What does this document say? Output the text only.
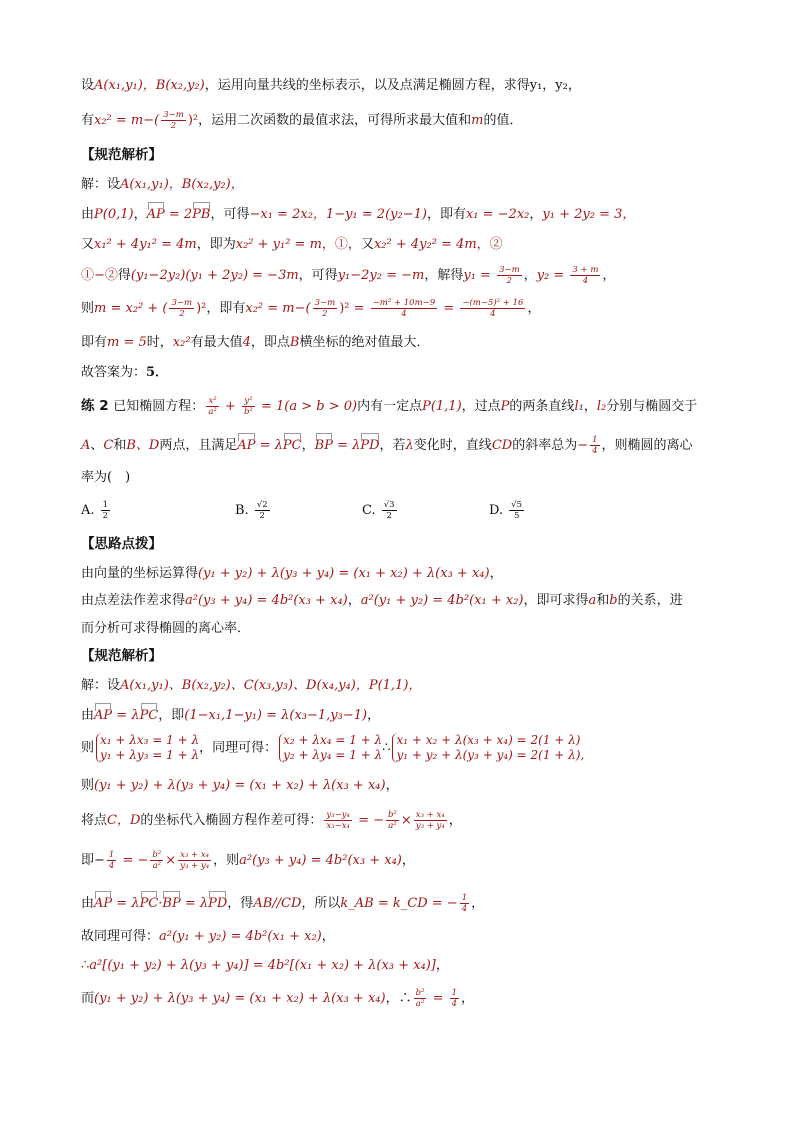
设A(x₁,y₁)，B(x₂,y₂)，运用向量共线的坐标表示，以及点满足椭圆方程，求得y₁，y₂，
有$x_2^2 = m-( \frac{3-m}{2} )^2$，运用二次函数的最值求法，可得所求最大值和m的值．
【规范解析】
解：设A(x₁,y₁)，B(x₂,y₂)，
由P(0,1)，AP = 2PB，可得−x₁ = 2x₂，1−y₁ = 2(y₂−1)，即有x₁ = −2x₂，y₁ + 2y₂ = 3，
又x₁² + 4y₁² = 4m，即为x₂² + y₁² = m，①，又x₂² + 4y₂² = 4m，②
①−②得(y₁−2y₂)(y₁ + 2y₂) = −3m，可得y₁−2y₂ = −m，解得$y_1 = \frac{3-m}{2}$ ，$y_2 = \frac{3 + m}{4}$ ，
则m = x₂² + ( $\frac{3-m}{2} )^2$，即有$x_2^2 = m-( \frac{3-m}{2} )^2 = \frac{\text{−m² + 10m−9}}{4} = \frac{\text{−(m−5)² + 16}}{4}$ ，
即有m = 5时，x₂²有最大值4，即点B横坐标的绝对值最大．
故答案为：5．
练 2 已知椭圆方程： $\frac{\text{x²}}{\text{a²}} + \frac{\text{y²}}{\text{b²}} = 1(a > b > 0)$内有一定点P(1,1)，过点P的两条直线l₁，l₂分别与椭圆交于
A、C和B、D两点，且满足AP = λPC，BP = λPD，若λ变化时，直线CD的斜率总为− $\frac{1}{4}$ ，则椭圆的离心
率为(　)
A. $\frac{1}{2}$	B. $\frac{√2}{2}$	C. $\frac{√3}{2}$	D. $\frac{√5}{5}$
【思路点拨】
由向量的坐标运算得(y₁ + y₂) + λ(y₃ + y₄) = (x₁ + x₂) + λ(x₃ + x₄)，
由点差法作差求得a²(y₃ + y₄) = 4b²(x₃ + x₄)，a²(y₁ + y₂) = 4b²(x₁ + x₂)，即可求得a和b的关系，进
而分析可求得椭圆的离心率．
【规范解析】
解：设A(x₁,y₁)、B(x₂,y₂)、C(x₃,y₃)、D(x₄,y₄)，P(1,1)，
由AP = λPC，即(1−x₁,1−y₁) = λ(x₃−1,y₃−1)，
则x₁ + λx₃ = 1 + λ
y₁ + λy₃ = 1 + λ，同理可得：x₂ + λx₄ = 1 + λ
y₂ + λy₄ = 1 + λ∴x₁ + x₂ + λ(x₃ + x₄) = 2(1 + λ)
y₁ + y₂ + λ(y₃ + y₄) = 2(1 + λ),
则(y₁ + y₂) + λ(y₃ + y₄) = (x₁ + x₂) + λ(x₃ + x₄)，
将点C，D的坐标代入椭圆方程作差可得： $\frac{\text{y₃−y₄}}{\text{x₃−x₄}}$ = − $\frac{\text{b²}}{\text{a²}} \times \frac{\text{x₃ + x₄}}{\text{y₃ + y₄}}$ ，
即− $\frac{1}{4}$ = − $\frac{\text{b²}}{\text{a²}} \times \frac{\text{x₃ + x₄}}{\text{y₃ + y₄}}$ ，则a²(y₃ + y₄) = 4b²(x₃ + x₄)，
由AP = λPC·BP = λPD，得AB//CD，所以k_AB = k_CD = − $\frac{1}{4}$ ，
故同理可得：a²(y₁ + y₂) = 4b²(x₁ + x₂)，
∴a²[(y₁ + y₂) + λ(y₃ + y₄)] = 4b²[(x₁ + x₂) + λ(x₃ + x₄)]，
而(y₁ + y₂) + λ(y₃ + y₄) = (x₁ + x₂) + λ(x₃ + x₄)，∴ $\frac{\text{b²}}{\text{a²}} = \frac{1}{4}$ ，
